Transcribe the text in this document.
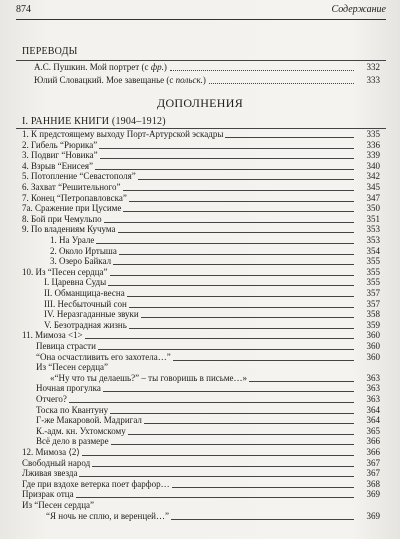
874	Содержание
ПЕРЕВОДЫ
А.С. Пушкин. Мой портрет (с фр.)	332
Юлий Словацкий. Мое завещанье (с польск.)	333
ДОПОЛНЕНИЯ
I. РАННИЕ КНИГИ (1904–1912)
1. К предстоящему выходу Порт-Артурской эскадры	335
2. Гибель “Рюрика”	336
3. Подвиг “Новика”	339
4. Взрыв “Енисея”	340
5. Потопление “Севастополя”	342
6. Захват “Решительного”	345
7. Конец “Петропавловска”	347
7а. Сражение при Цусиме	350
8. Бой при Чемульпо	351
9. По владениям Кучума	353
1. На Урале	353
2. Около Иртыша	354
3. Озеро Байкал	355
10. Из “Песен сердца”	355
I. Царевна Суды	355
II. Обманщица-весна	357
III. Несбыточный сон	357
IV. Неразгаданные звуки	358
V. Безотрадная жизнь	359
11. Мимоза <1>	360
Певица страсти	360
“Она осчастливить его захотела…”	360
Из “Песен сердца”
«“Ну что ты делаешь?” – ты говоришь в письме…»	363
Ночная прогулка	363
Отчего?	363
Тоска по Квантуну	364
Г-же Макаровой. Мадригал	364
К.-адм. кн. Ухтомскому	365
Всё дело в размере	366
12. Мимоза ⟨2⟩	366
Свободный народ	367
Лживая звезда	367
Где при вздохе ветерка поет фарфор…	368
Призрак отца	369
Из “Песен сердца”
“Я ночь не сплю, и веренцей…”	369
